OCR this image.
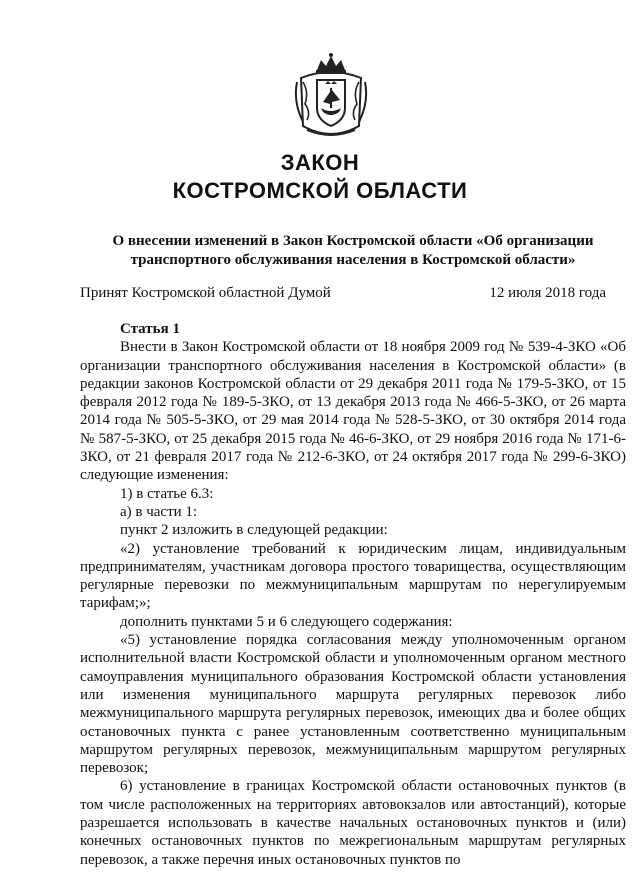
ЗАКОН
КОСТРОМСКОЙ ОБЛАСТИ
О внесении изменений в Закон Костромской области «Об организации
транспортного обслуживания населения в Костромской области»
Принят Костромской областной Думой	12 июля 2018 года

Статья 1

Внести в Закон Костромской области от 18 ноября 2009 год № 539-4-ЗКО «Об организации транспортного обслуживания населения в Костромской области» (в редакции законов Костромской области от 29 декабря 2011 года № 179-5-ЗКО, от 15 февраля 2012 года № 189-5-ЗКО, от 13 декабря 2013 года № 466-5-ЗКО, от 26 марта 2014 года № 505-5-ЗКО, от 29 мая 2014 года № 528-5-ЗКО, от 30 октября 2014 года № 587-5-ЗКО, от 25 декабря 2015 года № 46-6-ЗКО, от 29 ноября 2016 года № 171-6-ЗКО, от 21 февраля 2017 года № 212-6-ЗКО, от 24 октября 2017 года № 299-6-ЗКО) следующие изменения:

1) в статье 6.3:

а) в части 1:

пункт 2 изложить в следующей редакции:

«2) установление требований к юридическим лицам, индивидуальным предпринимателям, участникам договора простого товарищества, осуществляющим регулярные перевозки по межмуниципальным маршрутам по нерегулируемым тарифам;»;

дополнить пунктами 5 и 6 следующего содержания:

«5) установление порядка согласования между уполномоченным органом исполнительной власти Костромской области и уполномоченным органом местного самоуправления муниципального образования Костромской области установления или изменения муниципального маршрута регулярных перевозок либо межмуниципального маршрута регулярных перевозок, имеющих два и более общих остановочных пункта с ранее установленным соответственно муниципальным маршрутом регулярных перевозок, межмуниципальным маршрутом регулярных перевозок;

6) установление в границах Костромской области остановочных пунктов (в том числе расположенных на территориях автовокзалов или автостанций), которые разрешается использовать в качестве начальных остановочных пунктов и (или) конечных остановочных пунктов по межрегиональным маршрутам регулярных перевозок, а также перечня иных остановочных пунктов по
